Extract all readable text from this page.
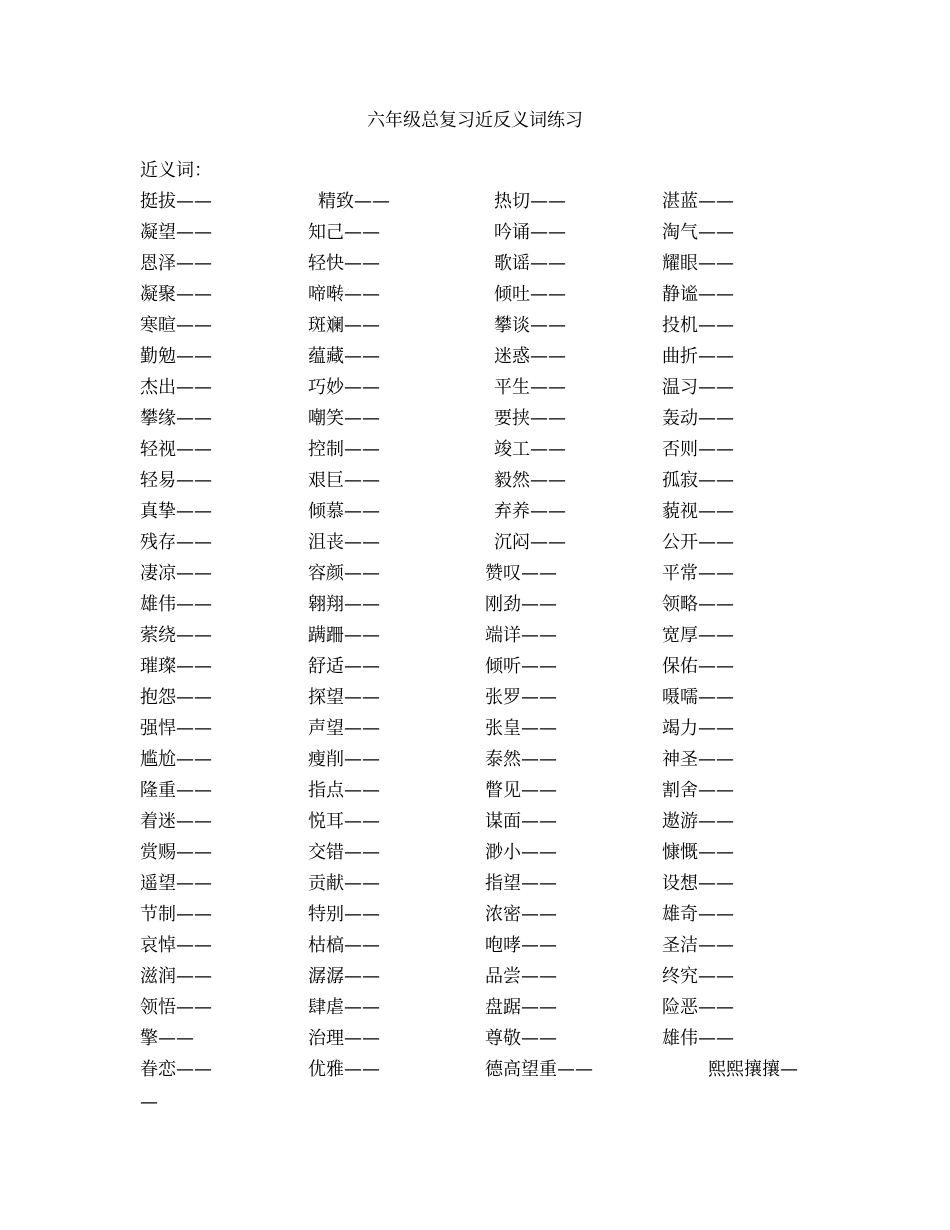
六年级总复习近反义词练习
近义词：
挺拔——	精致——	热切——	湛蓝——
凝望——	知己——	吟诵——	淘气——
恩泽——	轻快——	歌谣——	耀眼——
凝聚——	啼啭——	倾吐——	静谧——
寒暄——	斑斓——	攀谈——	投机——
勤勉——	蕴藏——	迷惑——	曲折——
杰出——	巧妙——	平生——	温习——
攀缘——	嘲笑——	要挟——	轰动——
轻视——	控制——	竣工——	否则——
轻易——	艰巨——	毅然——	孤寂——
真挚——	倾慕——	弃养——	藐视——
残存——	沮丧——	沉闷——	公开——
凄凉——	容颜——	赞叹——	平常——
雄伟——	翱翔——	刚劲——	领略——
萦绕——	蹒跚——	端详——	宽厚——
璀璨——	舒适——	倾听——	保佑——
抱怨——	探望——	张罗——	嗫嚅——
强悍——	声望——	张皇——	竭力——
尴尬——	瘦削——	泰然——	神圣——
隆重——	指点——	瞥见——	割舍——
着迷——	悦耳——	谋面——	遨游——
赏赐——	交错——	渺小——	慷慨——
遥望——	贡献——	指望——	设想——
节制——	特别——	浓密——	雄奇——
哀悼——	枯槁——	咆哮——	圣洁——
滋润——	潺潺——	品尝——	终究——
领悟——	肆虐——	盘踞——	险恶——
擎——	治理——	尊敬——	雄伟——
眷恋——	优雅——	德高望重——	熙熙攘攘—
—
